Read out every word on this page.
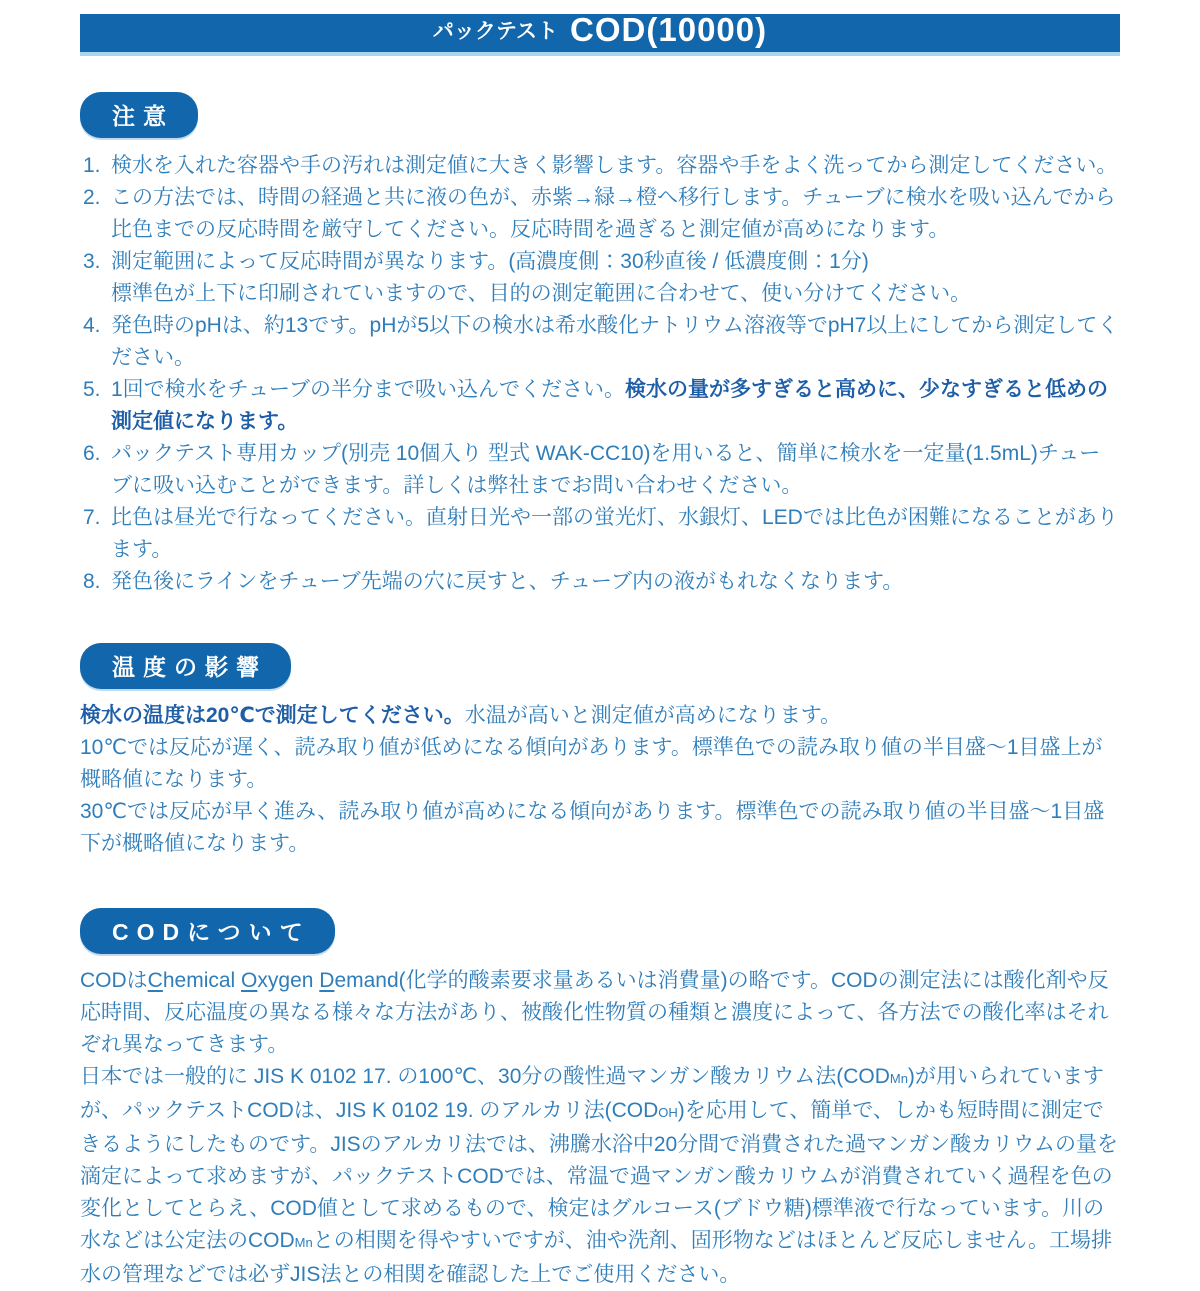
パックテスト COD(10000)
注意
1. 検水を入れた容器や手の汚れは測定値に大きく影響します。容器や手をよく洗ってから測定してください。
2. この方法では、時間の経過と共に液の色が、赤紫→緑→橙へ移行します。チューブに検水を吸い込んでから比色までの反応時間を厳守してください。反応時間を過ぎると測定値が高めになります。
3. 測定範囲によって反応時間が異なります。(高濃度側：30秒直後 / 低濃度側：1分)
標準色が上下に印刷されていますので、目的の測定範囲に合わせて、使い分けてください。
4. 発色時のpHは、約13です。pHが5以下の検水は希水酸化ナトリウム溶液等でpH7以上にしてから測定してください。
5. 1回で検水をチューブの半分まで吸い込んでください。検水の量が多すぎると高めに、少なすぎると低めの測定値になります。
6. パックテスト専用カップ(別売 10個入り 型式 WAK-CC10)を用いると、簡単に検水を一定量(1.5mL)チューブに吸い込むことができます。詳しくは弊社までお問い合わせください。
7. 比色は昼光で行なってください。直射日光や一部の蛍光灯、水銀灯、LEDでは比色が困難になることがあります。
8. 発色後にラインをチューブ先端の穴に戻すと、チューブ内の液がもれなくなります。
温度の影響

検水の温度は20℃で測定してください。水温が高いと測定値が高めになります。

10℃では反応が遅く、読み取り値が低めになる傾向があります。標準色での読み取り値の半目盛～1目盛上が概略値になります。

30℃では反応が早く進み、読み取り値が高めになる傾向があります。標準色での読み取り値の半目盛～1目盛下が概略値になります。

CODについて

CODはChemical Oxygen Demand(化学的酸素要求量あるいは消費量)の略です。CODの測定法には酸化剤や反応時間、反応温度の異なる様々な方法があり、被酸化性物質の種類と濃度によって、各方法での酸化率はそれぞれ異なってきます。

日本では一般的に JIS K 0102 17. の100℃、30分の酸性過マンガン酸カリウム法(CODMn)が用いられていますが、パックテストCODは、JIS K 0102 19. のアルカリ法(CODOH)を応用して、簡単で、しかも短時間に測定できるようにしたものです。JISのアルカリ法では、沸騰水浴中20分間で消費された過マンガン酸カリウムの量を滴定によって求めますが、パックテストCODでは、常温で過マンガン酸カリウムが消費されていく過程を色の変化としてとらえ、COD値として求めるもので、検定はグルコース(ブドウ糖)標準液で行なっています。川の水などは公定法のCODMnとの相関を得やすいですが、油や洗剤、固形物などはほとんど反応しません。工場排水の管理などでは必ずJIS法との相関を確認した上でご使用ください。
